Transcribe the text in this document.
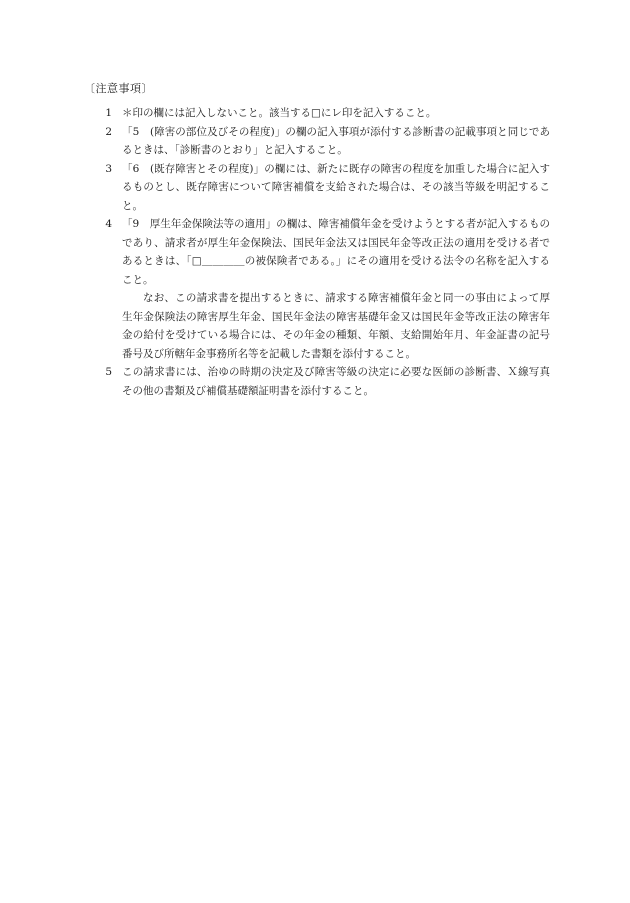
〔注意事項〕
1 ＊印の欄には記入しないこと。該当する□にレ印を記入すること。
2 「5　(障害の部位及びその程度)」の欄の記入事項が添付する診断書の記載事項と同じであるときは、「診断書のとおり」と記入すること。
3 「6　(既存障害とその程度)」の欄には、新たに既存の障害の程度を加重した場合に記入するものとし、既存障害について障害補償を支給された場合は、その該当等級を明記すること。
4 「9　厚生年金保険法等の適用」の欄は、障害補償年金を受けようとする者が記入するものであり、請求者が厚生年金保険法、国民年金法又は国民年金等改正法の適用を受ける者であるときは、「□＿＿＿＿の被保険者である。」にその適用を受ける法令の名称を記入すること。
なお、この請求書を提出するときに、請求する障害補償年金と同一の事由によって厚生年金保険法の障害厚生年金、国民年金法の障害基礎年金又は国民年金等改正法の障害年金の給付を受けている場合には、その年金の種類、年額、支給開始年月、年金証書の記号番号及び所轄年金事務所名等を記載した書類を添付すること。
5 この請求書には、治ゆの時期の決定及び障害等級の決定に必要な医師の診断書、Ｘ線写真その他の書類及び補償基礎額証明書を添付すること。
